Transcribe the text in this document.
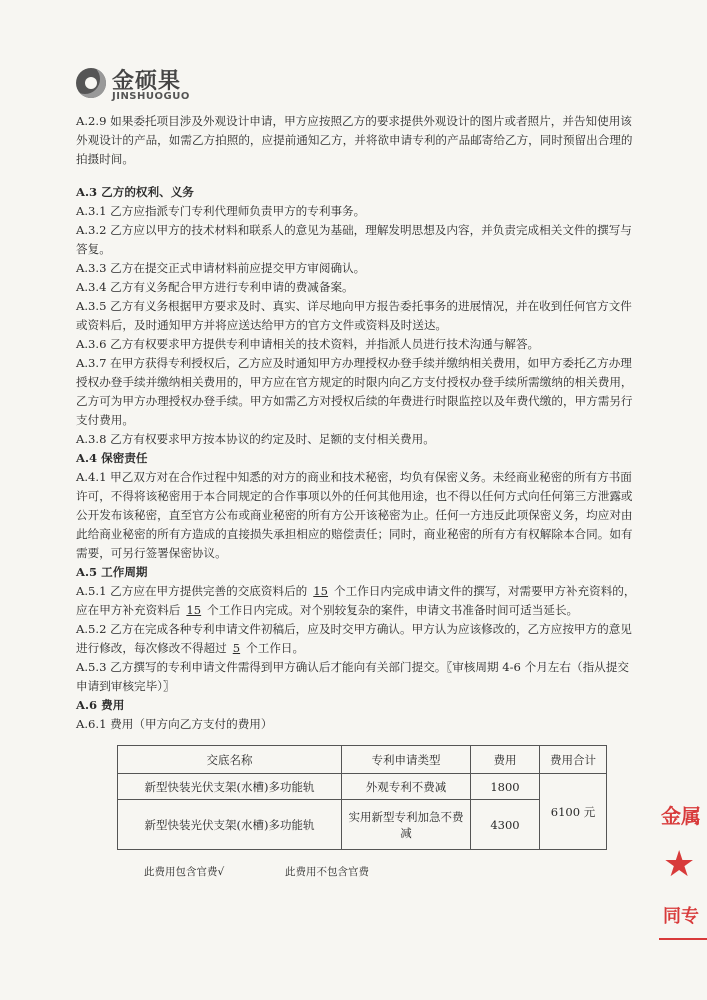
金硕果
JINSHUOGUO

A.2.9 如果委托项目涉及外观设计申请，甲方应按照乙方的要求提供外观设计的图片或者照片，并告知使用该外观设计的产品，如需乙方拍照的，应提前通知乙方，并将欲申请专利的产品邮寄给乙方，同时预留出合理的拍摄时间。

A.3 乙方的权利、义务

A.3.1 乙方应指派专门专利代理师负责甲方的专利事务。

A.3.2 乙方应以甲方的技术材料和联系人的意见为基础，理解发明思想及内容，并负责完成相关文件的撰写与答复。

A.3.3 乙方在提交正式申请材料前应提交甲方审阅确认。

A.3.4 乙方有义务配合甲方进行专利申请的费减备案。

A.3.5 乙方有义务根据甲方要求及时、真实、详尽地向甲方报告委托事务的进展情况，并在收到任何官方文件或资料后，及时通知甲方并将应送达给甲方的官方文件或资料及时送达。

A.3.6 乙方有权要求甲方提供专利申请相关的技术资料，并指派人员进行技术沟通与解答。

A.3.7 在甲方获得专利授权后，乙方应及时通知甲方办理授权办登手续并缴纳相关费用，如甲方委托乙方办理授权办登手续并缴纳相关费用的，甲方应在官方规定的时限内向乙方支付授权办登手续所需缴纳的相关费用，乙方可为甲方办理授权办登手续。甲方如需乙方对授权后续的年费进行时限监控以及年费代缴的，甲方需另行支付费用。

A.3.8 乙方有权要求甲方按本协议的约定及时、足额的支付相关费用。

A.4 保密责任

A.4.1 甲乙双方对在合作过程中知悉的对方的商业和技术秘密，均负有保密义务。未经商业秘密的所有方书面许可，不得将该秘密用于本合同规定的合作事项以外的任何其他用途，也不得以任何方式向任何第三方泄露或公开发布该秘密，直至官方公布或商业秘密的所有方公开该秘密为止。任何一方违反此项保密义务，均应对由此给商业秘密的所有方造成的直接损失承担相应的赔偿责任；同时，商业秘密的所有方有权解除本合同。如有需要，可另行签署保密协议。

A.5 工作周期

A.5.1 乙方应在甲方提供完善的交底资料后的 15 个工作日内完成申请文件的撰写，对需要甲方补充资料的，应在甲方补充资料后 15 个工作日内完成。对个别较复杂的案件，申请文书准备时间可适当延长。

A.5.2 乙方在完成各种专利申请文件初稿后，应及时交甲方确认。甲方认为应该修改的，乙方应按甲方的意见进行修改，每次修改不得超过 5 个工作日。

A.5.3 乙方撰写的专利申请文件需得到甲方确认后才能向有关部门提交。〖审核周期 4-6 个月左右（指从提交申请到审核完毕）〗

A.6 费用

A.6.1 费用（甲方向乙方支付的费用）

交底名称	专利申请类型	费用	费用合计
新型快装光伏支架(水槽)多功能轨	外观专利不费减	1800	6100 元
新型快装光伏支架(水槽)多功能轨	实用新型专利加急不费减	4300	
此费用包含官费√	此费用不包含官费
金属
★
同专
